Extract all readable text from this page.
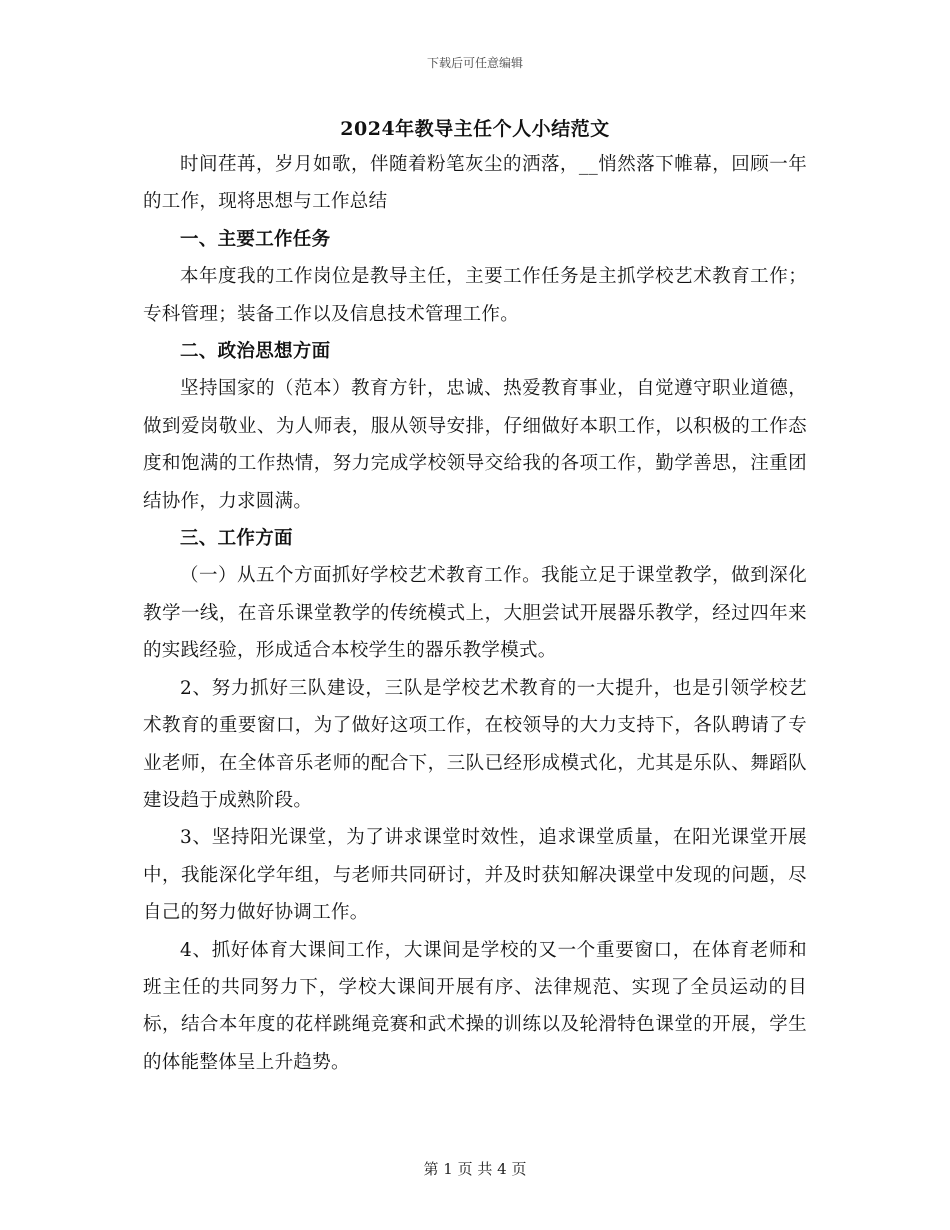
下载后可任意编辑

2024年教导主任个人小结范文

时间荏苒，岁月如歌，伴随着粉笔灰尘的洒落，__悄然落下帷幕，回顾一年的工作，现将思想与工作总结

一、主要工作任务

本年度我的工作岗位是教导主任，主要工作任务是主抓学校艺术教育工作；专科管理；装备工作以及信息技术管理工作。

二、政治思想方面

坚持国家的（范本）教育方针，忠诚、热爱教育事业，自觉遵守职业道德，做到爱岗敬业、为人师表，服从领导安排，仔细做好本职工作，以积极的工作态度和饱满的工作热情，努力完成学校领导交给我的各项工作，勤学善思，注重团结协作，力求圆满。

三、工作方面

（一）从五个方面抓好学校艺术教育工作。我能立足于课堂教学，做到深化教学一线，在音乐课堂教学的传统模式上，大胆尝试开展器乐教学，经过四年来的实践经验，形成适合本校学生的器乐教学模式。

2、努力抓好三队建设，三队是学校艺术教育的一大提升，也是引领学校艺术教育的重要窗口，为了做好这项工作，在校领导的大力支持下，各队聘请了专业老师，在全体音乐老师的配合下，三队已经形成模式化，尤其是乐队、舞蹈队建设趋于成熟阶段。

3、坚持阳光课堂，为了讲求课堂时效性，追求课堂质量，在阳光课堂开展中，我能深化学年组，与老师共同研讨，并及时获知解决课堂中发现的问题，尽自己的努力做好协调工作。

4、抓好体育大课间工作，大课间是学校的又一个重要窗口，在体育老师和班主任的共同努力下，学校大课间开展有序、法律规范、实现了全员运动的目标，结合本年度的花样跳绳竞赛和武术操的训练以及轮滑特色课堂的开展，学生的体能整体呈上升趋势。

第 1 页 共 4 页
